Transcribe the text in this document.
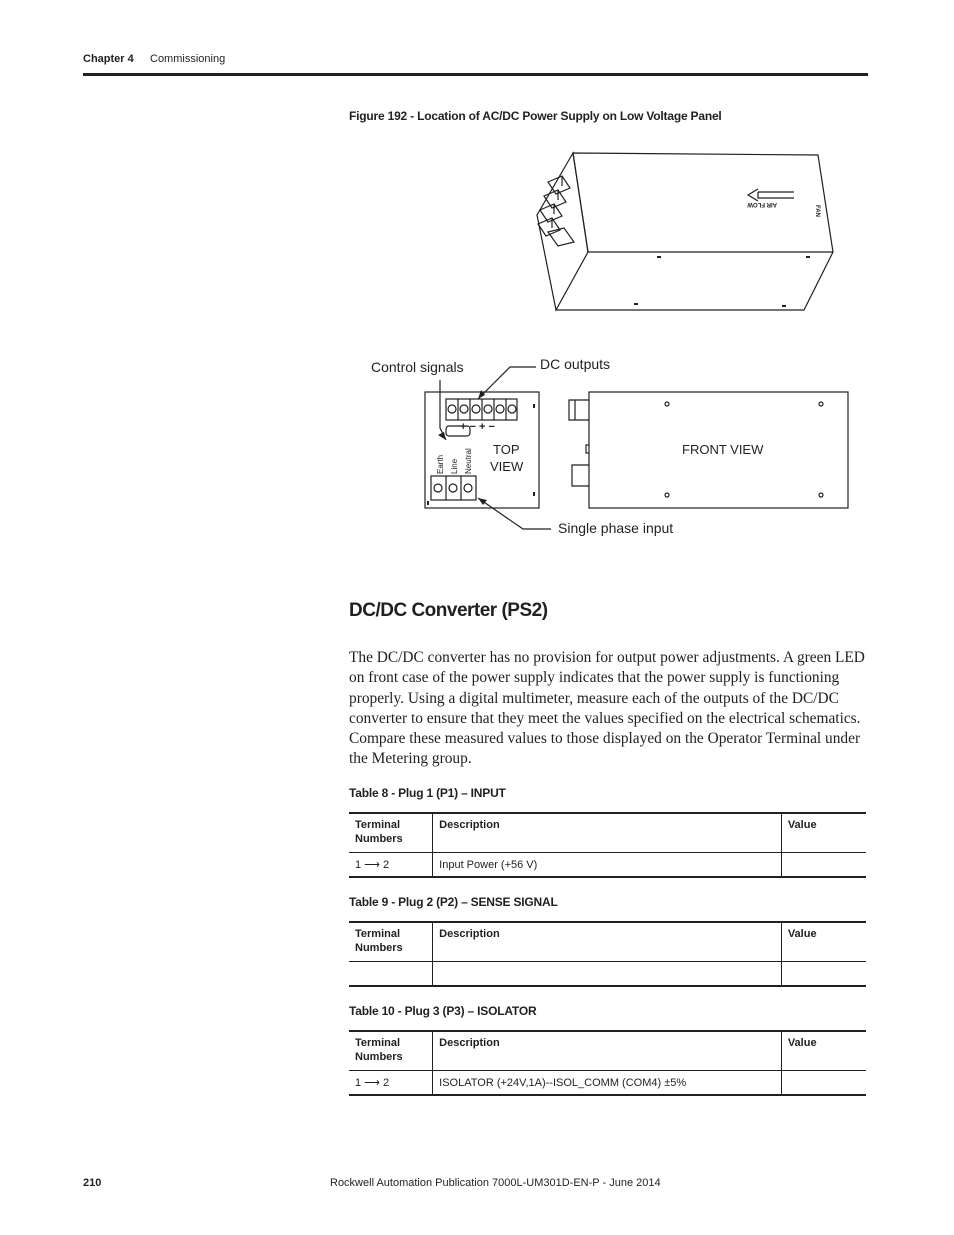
Chapter 4 Commissioning
Figure 192 - Location of AC/DC Power Supply on Low Voltage Panel
AIR FLOW
FAN
+ − + −
Earth Line Neutral TOP
VIEW
FRONT VIEW
Control signals	DC outputs
Single phase input
DC/DC Converter (PS2)

The DC/DC converter has no provision for output power adjustments. A green LED on front case of the power supply indicates that the power supply is functioning properly. Using a digital multimeter, measure each of the outputs of the DC/DC converter to ensure that they meet the values specified on the electrical schematics. Compare these measured values to those displayed on the Operator Terminal under the Metering group.

Table 8 - Plug 1 (P1) – INPUT
Terminal Numbers	Description	Value
1 ⟶ 2	Input Power (+56 V)	
Table 9 - Plug 2 (P2) – SENSE SIGNAL
Terminal Numbers	Description	Value

Table 10 - Plug 3 (P3) – ISOLATOR
Terminal Numbers	Description	Value
1 ⟶ 2	ISOLATOR (+24V,1A)--ISOL_COMM (COM4) ±5%	
210	Rockwell Automation Publication 7000L-UM301D-EN-P - June 2014
